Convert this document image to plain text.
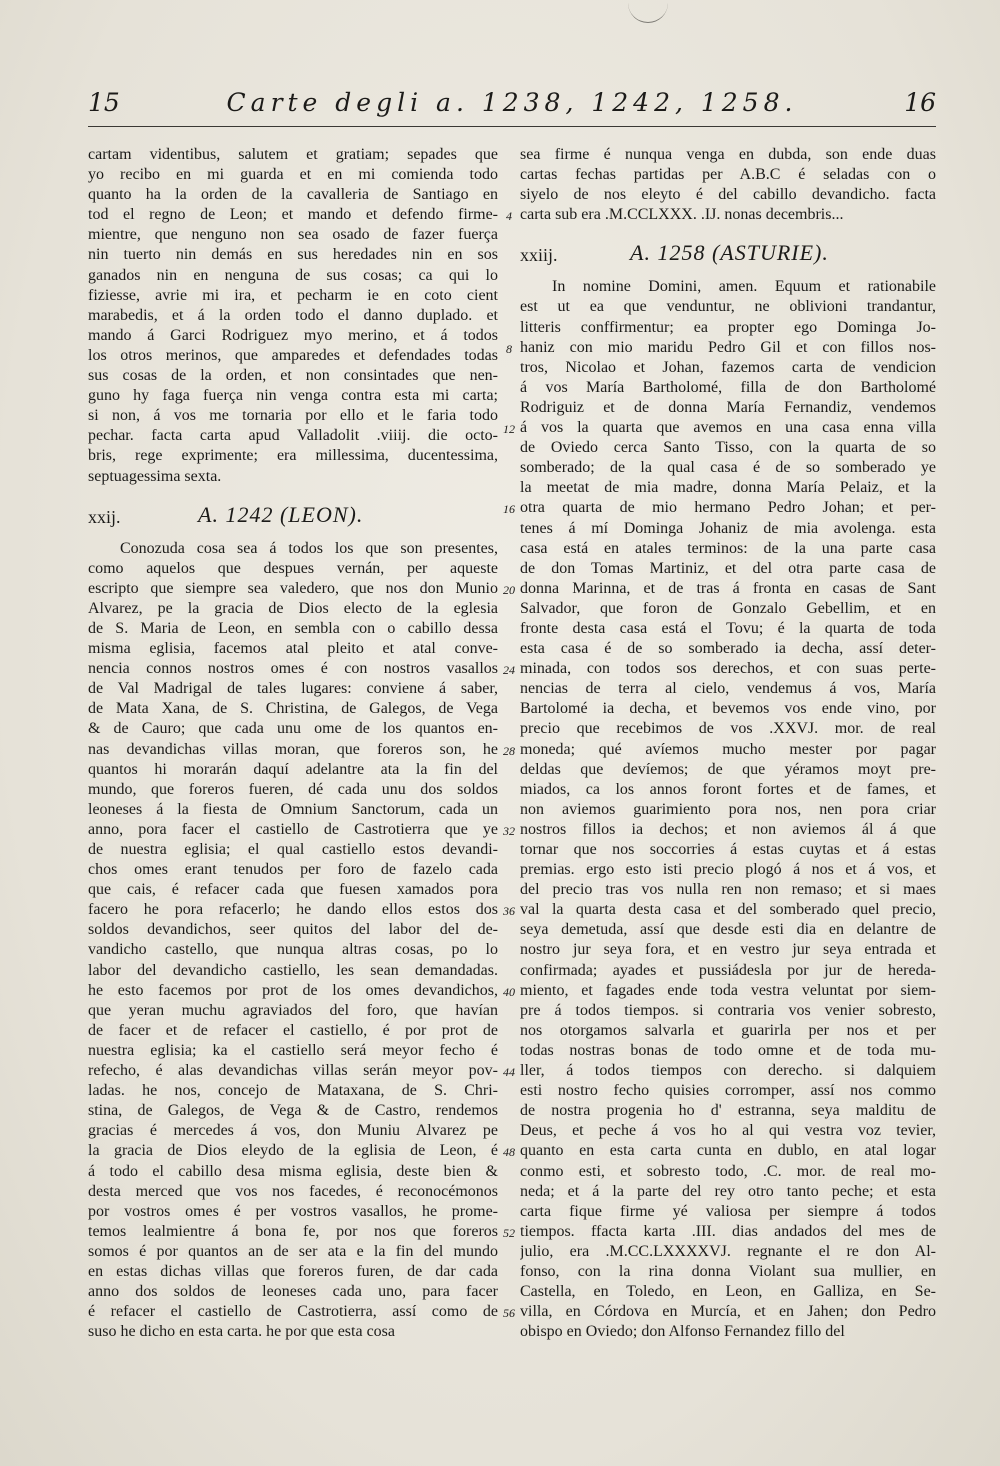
15	Carte degli a. 1238, 1242, 1258.	16
cartam videntibus, salutem et gratiam; sepades que
yo recibo en mi guarda et en mi comienda todo
quanto ha la orden de la cavalleria de Santiago en
tod el regno de Leon; et mando et defendo firme-
mientre, que nenguno non sea osado de fazer fuerça
nin tuerto nin demás en sus heredades nin en sos
ganados nin en nenguna de sus cosas; ca qui lo
fiziesse, avrie mi ira, et pecharm ie en coto cient
marabedis, et á la orden todo el danno duplado. et
mando á Garci Rodriguez myo merino, et á todos
los otros merinos, que amparedes et defendades todas
sus cosas de la orden, et non consintades que nen-
guno hy faga fuerça nin venga contra esta mi carta;
si non, á vos me tornaria por ello et le faria todo
pechar. facta carta apud Valladolit .viiij. die octo-
bris, rege exprimente; era millessima, ducentessima,
septuagessima sexta.
xxij.	A. 1242 (LEON).
Conozuda cosa sea á todos los que son presentes,
como aquelos que despues vernán, per aqueste
escripto que siempre sea valedero, que nos don Munio
Alvarez, pe la gracia de Dios electo de la eglesia
de S. Maria de Leon, en sembla con o cabillo dessa
misma eglisia, facemos atal pleito et atal conve-
nencia connos nostros omes é con nostros vasallos
de Val Madrigal de tales lugares: conviene á saber,
de Mata Xana, de S. Christina, de Galegos, de Vega
& de Cauro; que cada unu ome de los quantos en-
nas devandichas villas moran, que foreros son, he
quantos hi morarán daquí adelantre ata la fin del
mundo, que foreros fueren, dé cada unu dos soldos
leoneses á la fiesta de Omnium Sanctorum, cada un
anno, pora facer el castiello de Castrotierra que ye
de nuestra eglisia; el qual castiello estos devandi-
chos omes erant tenudos per foro de fazelo cada
que cais, é refacer cada que fuesen xamados pora
facero he pora refacerlo; he dando ellos estos dos
soldos devandichos, seer quitos del labor del de-
vandicho castello, que nunqua altras cosas, po lo
labor del devandicho castiello, les sean demandadas.
he esto facemos por prot de los omes devandichos,
que yeran muchu agraviados del foro, que havían
de facer et de refacer el castiello, é por prot de
nuestra eglisia; ka el castiello será meyor fecho é
refecho, é alas devandichas villas serán meyor pov-
ladas. he nos, concejo de Mataxana, de S. Chri-
stina, de Galegos, de Vega & de Castro, rendemos
gracias é mercedes á vos, don Muniu Alvarez pe
la gracia de Dios eleydo de la eglisia de Leon, é
á todo el cabillo desa misma eglisia, deste bien &
desta merced que vos nos facedes, é reconocémonos
por vostros omes é per vostros vasallos, he prome-
temos lealmientre á bona fe, por nos que foreros
somos é por quantos an de ser ata e la fin del mundo
en estas dichas villas que foreros furen, de dar cada
anno dos soldos de leoneses cada uno, para facer
é refacer el castiello de Castrotierra, assí como de
suso he dicho en esta carta. he por que esta cosa
sea firme é nunqua venga en dubda, son ende duas
cartas fechas partidas per A.B.C é seladas con o
siyelo de nos eleyto é del cabillo devandicho. facta
carta sub era .M.CCLXXX. .IJ. nonas decembris...
xxiij.	A. 1258 (ASTURIE).
In nomine Domini, amen. Equum et rationabile
est ut ea que venduntur, ne oblivioni trandantur,
litteris conffirmentur; ea propter ego Dominga Jo-
haniz con mio maridu Pedro Gil et con fillos nos-
tros, Nicolao et Johan, fazemos carta de vendicion
á vos María Bartholomé, filla de don Bartholomé
Rodriguiz et de donna María Fernandiz, vendemos
á vos la quarta que avemos en una casa enna villa
de Oviedo cerca Santo Tisso, con la quarta de so
somberado; de la qual casa é de so somberado ye
la meetat de mia madre, donna María Pelaiz, et la
otra quarta de mio hermano Pedro Johan; et per-
tenes á mí Dominga Johaniz de mia avolenga. esta
casa está en atales terminos: de la una parte casa
de don Tomas Martiniz, et del otra parte casa de
donna Marinna, et de tras á fronta en casas de Sant
Salvador, que foron de Gonzalo Gebellim, et en
fronte desta casa está el Tovu; é la quarta de toda
esta casa é de so somberado ia decha, assí deter-
minada, con todos sos derechos, et con suas perte-
nencias de terra al cielo, vendemus á vos, María
Bartolomé ia decha, et bevemos vos ende vino, por
precio que recebimos de vos .XXVJ. mor. de real
moneda; qué avíemos mucho mester por pagar
deldas que devíemos; de que yéramos moyt pre-
miados, ca los annos foront fortes et de fames, et
non aviemos guarimiento pora nos, nen pora criar
nostros fillos ia dechos; et non aviemos ál á que
tornar que nos soccorries á estas cuytas et á estas
premias. ergo esto isti precio plogó á nos et á vos, et
del precio tras vos nulla ren non remaso; et si maes
val la quarta desta casa et del somberado quel precio,
seya demetuda, assí que desde esti dia en delantre de
nostro jur seya fora, et en vestro jur seya entrada et
confirmada; ayades et pussiádesla por jur de hereda-
miento, et fagades ende toda vestra veluntat por siem-
pre á todos tiempos. si contraria vos venier sobresto,
nos otorgamos salvarla et guarirla per nos et per
todas nostras bonas de todo omne et de toda mu-
ller, á todos tiempos con derecho. si dalquiem
esti nostro fecho quisies corromper, assí nos commo
de nostra progenia ho d' estranna, seya malditu de
Deus, et peche á vos ho al qui vestra voz tevier,
quanto en esta carta cunta en dublo, en atal logar
conmo esti, et sobresto todo, .C. mor. de real mo-
neda; et á la parte del rey otro tanto peche; et esta
carta fique firme yé valiosa per siempre á todos
tiempos. ffacta karta .III. dias andados del mes de
julio, era .M.CC.LXXXXVJ. regnante el re don Al-
fonso, con la rina donna Violant sua mullier, en
Castella, en Toledo, en Leon, en Galliza, en Se-
villa, en Córdova en Murcía, et en Jahen; don Pedro
obispo en Oviedo; don Alfonso Fernandez fillo del
4
8
12
16
20
24
28
32
36
40
44
48
52
56
